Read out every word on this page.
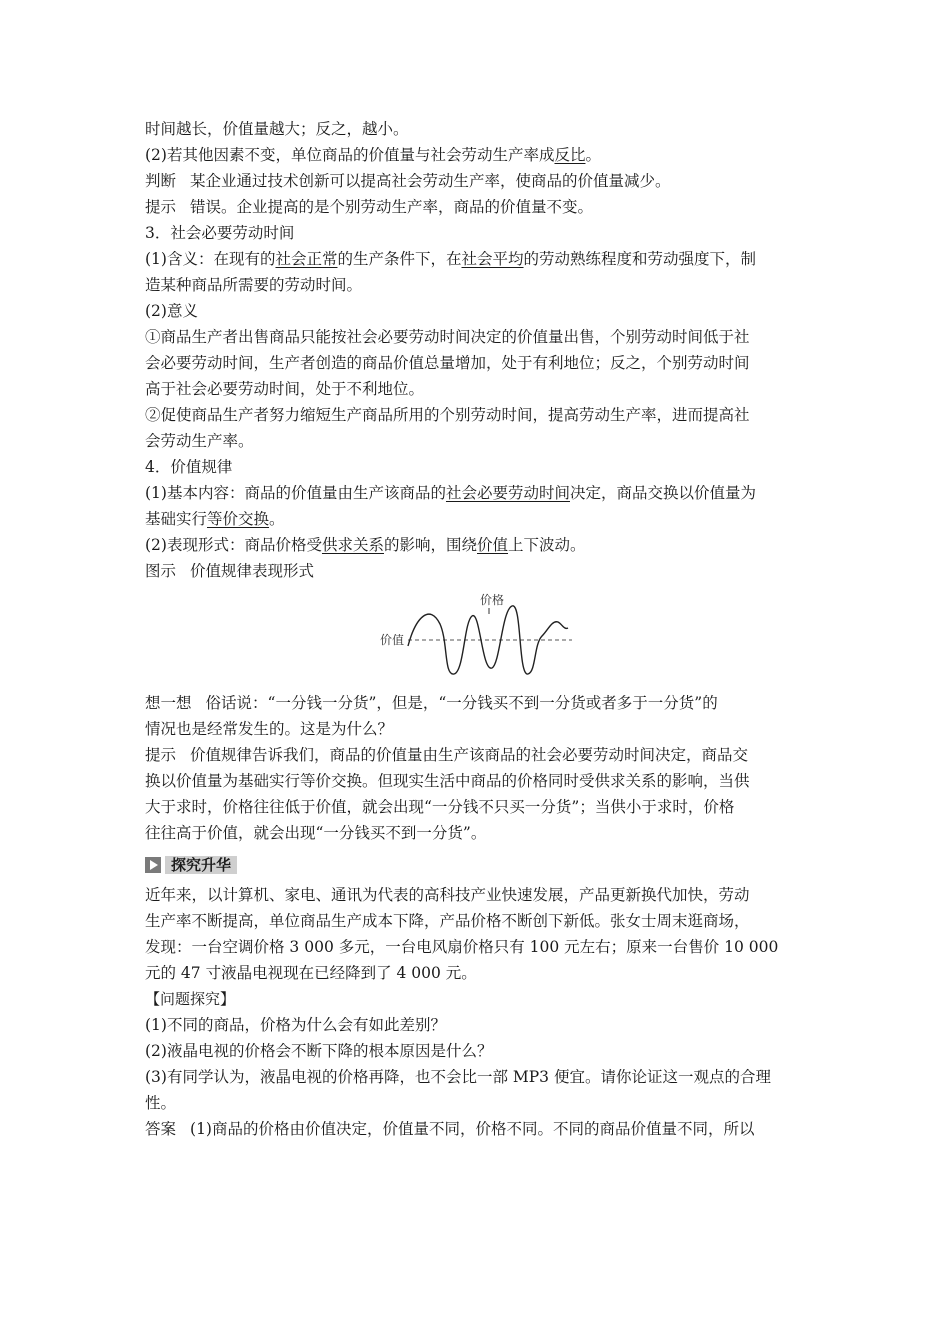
时间越长，价值量越大；反之，越小。

(2)若其他因素不变，单位商品的价值量与社会劳动生产率成反比。

判断 某企业通过技术创新可以提高社会劳动生产率，使商品的价值量减少。

提示 错误。企业提高的是个别劳动生产率，商品的价值量不变。

3．社会必要劳动时间

(1)含义：在现有的社会正常的生产条件下，在社会平均的劳动熟练程度和劳动强度下，制

造某种商品所需要的劳动时间。

(2)意义

①商品生产者出售商品只能按社会必要劳动时间决定的价值量出售，个别劳动时间低于社

会必要劳动时间，生产者创造的商品价值总量增加，处于有利地位；反之，个别劳动时间

高于社会必要劳动时间，处于不利地位。

②促使商品生产者努力缩短生产商品所用的个别劳动时间，提高劳动生产率，进而提高社

会劳动生产率。

4．价值规律

(1)基本内容：商品的价值量由生产该商品的社会必要劳动时间决定，商品交换以价值量为

基础实行等价交换。

(2)表现形式：商品价格受供求关系的影响，围绕价值上下波动。

图示 价值规律表现形式

价格
价值

想一想 俗话说：“一分钱一分货”，但是，“一分钱买不到一分货或者多于一分货”的

情况也是经常发生的。这是为什么？

提示 价值规律告诉我们，商品的价值量由生产该商品的社会必要劳动时间决定，商品交

换以价值量为基础实行等价交换。但现实生活中商品的价格同时受供求关系的影响，当供

大于求时，价格往往低于价值，就会出现“一分钱不只买一分货”；当供小于求时，价格

往往高于价值，就会出现“一分钱买不到一分货”。

探究升华

近年来，以计算机、家电、通讯为代表的高科技产业快速发展，产品更新换代加快，劳动

生产率不断提高，单位商品生产成本下降，产品价格不断创下新低。张女士周末逛商场，

发现：一台空调价格 3 000 多元，一台电风扇价格只有 100 元左右；原来一台售价 10 000

元的 47 寸液晶电视现在已经降到了 4 000 元。

【问题探究】

(1)不同的商品，价格为什么会有如此差别？

(2)液晶电视的价格会不断下降的根本原因是什么？

(3)有同学认为，液晶电视的价格再降，也不会比一部 MP3 便宜。请你论证这一观点的合理

性。

答案 (1)商品的价格由价值决定，价值量不同，价格不同。不同的商品价值量不同，所以
